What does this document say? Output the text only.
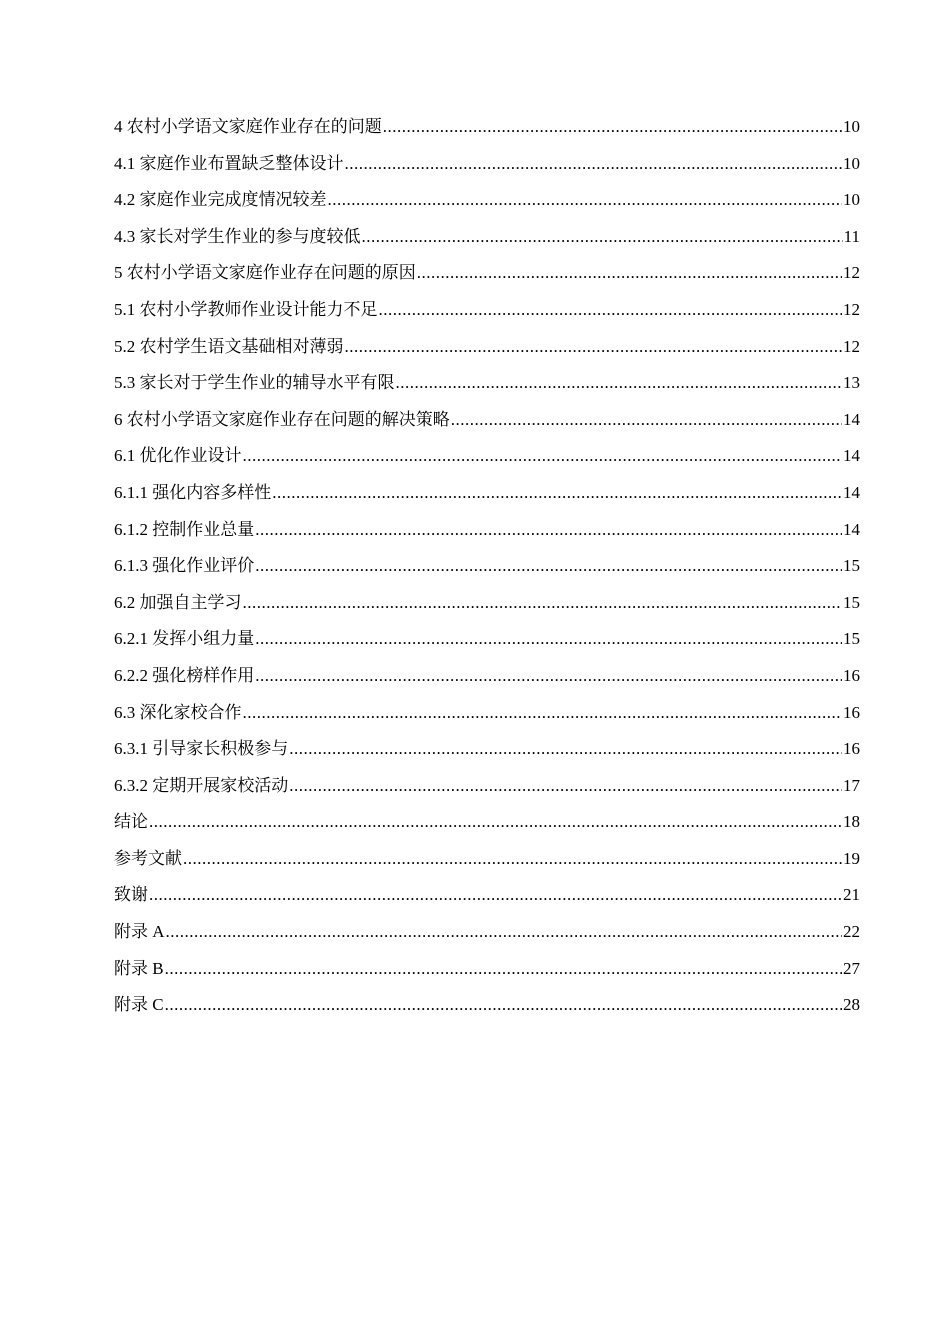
4 农村小学语文家庭作业存在的问题 .....	10
4.1 家庭作业布置缺乏整体设计 .....	10
4.2 家庭作业完成度情况较差 .....	10
4.3 家长对学生作业的参与度较低 .....	11
5 农村小学语文家庭作业存在问题的原因 .....	12
5.1 农村小学教师作业设计能力不足 .....	12
5.2 农村学生语文基础相对薄弱 .....	12
5.3 家长对于学生作业的辅导水平有限 .....	13
6 农村小学语文家庭作业存在问题的解决策略 .....	14
6.1 优化作业设计 .....	14
6.1.1 强化内容多样性 .....	14
6.1.2 控制作业总量 .....	14
6.1.3 强化作业评价 .....	15
6.2 加强自主学习 .....	15
6.2.1 发挥小组力量 .....	15
6.2.2 强化榜样作用 .....	16
6.3 深化家校合作 .....	16
6.3.1 引导家长积极参与 .....	16
6.3.2 定期开展家校活动 .....	17
结论 .....	18
参考文献 .....	19
致谢 .....	21
附录 A .....	22
附录 B .....	27
附录 C .....	28
